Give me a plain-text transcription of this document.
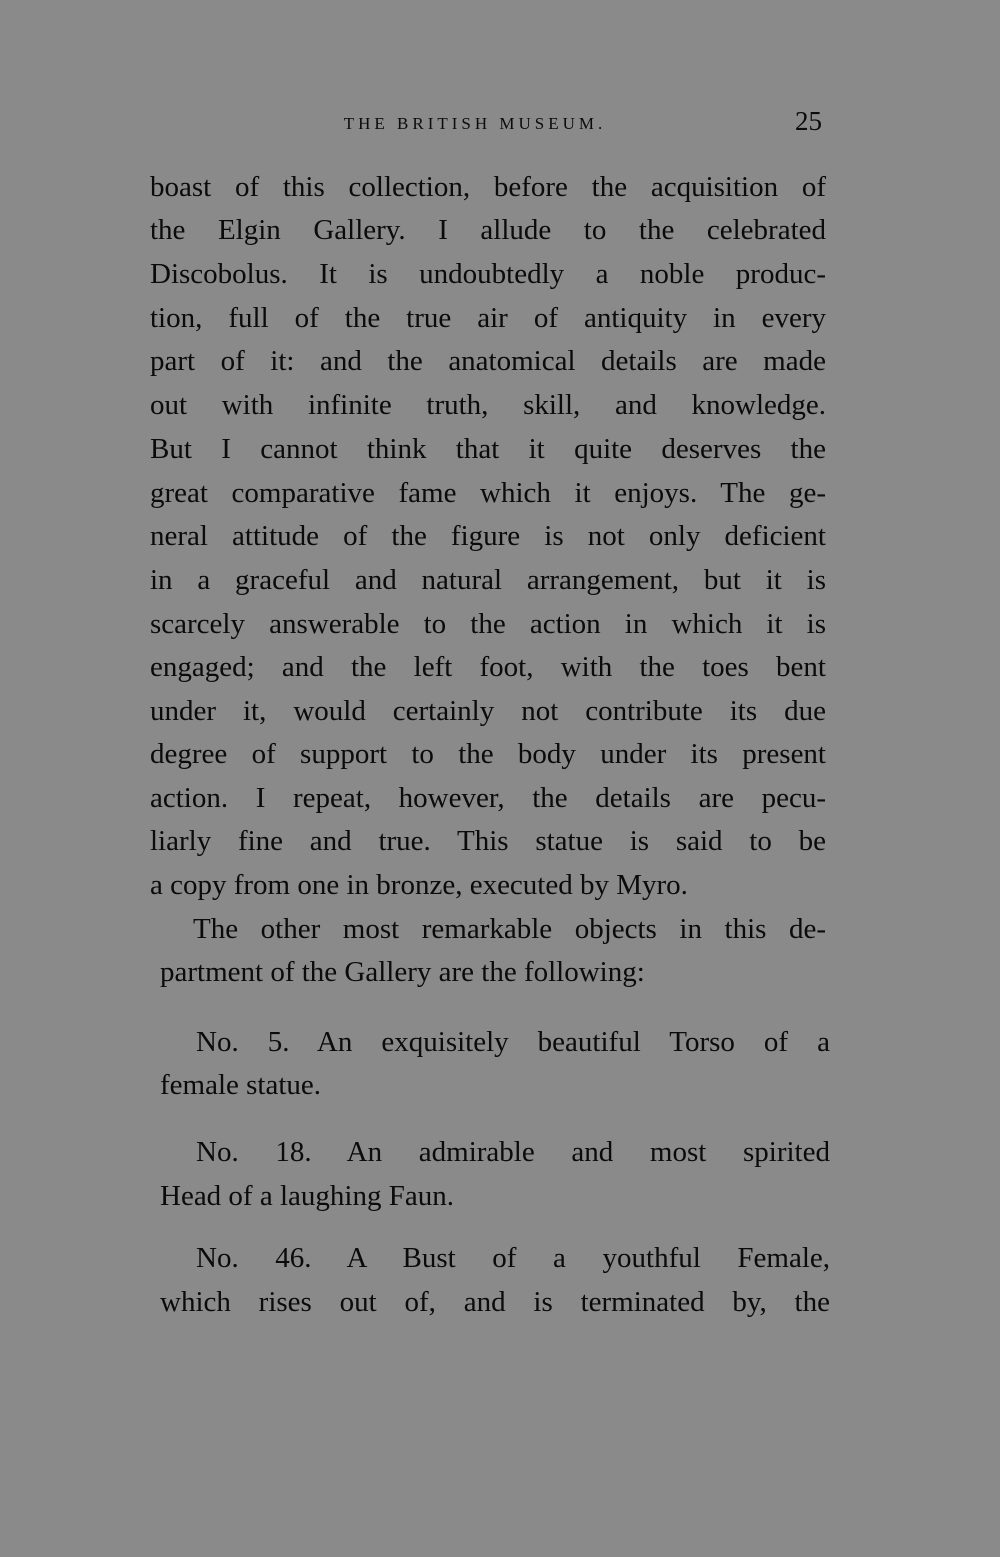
THE BRITISH MUSEUM.	25
boast of this collection, before the acquisition of
the Elgin Gallery. I allude to the celebrated
Discobolus. It is undoubtedly a noble produc-
tion, full of the true air of antiquity in every
part of it: and the anatomical details are made
out with infinite truth, skill, and knowledge.
But I cannot think that it quite deserves the
great comparative fame which it enjoys. The ge-
neral attitude of the figure is not only deficient
in a graceful and natural arrangement, but it is
scarcely answerable to the action in which it is
engaged; and the left foot, with the toes bent
under it, would certainly not contribute its due
degree of support to the body under its present
action. I repeat, however, the details are pecu-
liarly fine and true. This statue is said to be
a copy from one in bronze, executed by Myro.
The other most remarkable objects in this de-
partment of the Gallery are the following:
No. 5. An exquisitely beautiful Torso of a
female statue.
No. 18. An admirable and most spirited
Head of a laughing Faun.
No. 46. A Bust of a youthful Female,
which rises out of, and is terminated by, the
